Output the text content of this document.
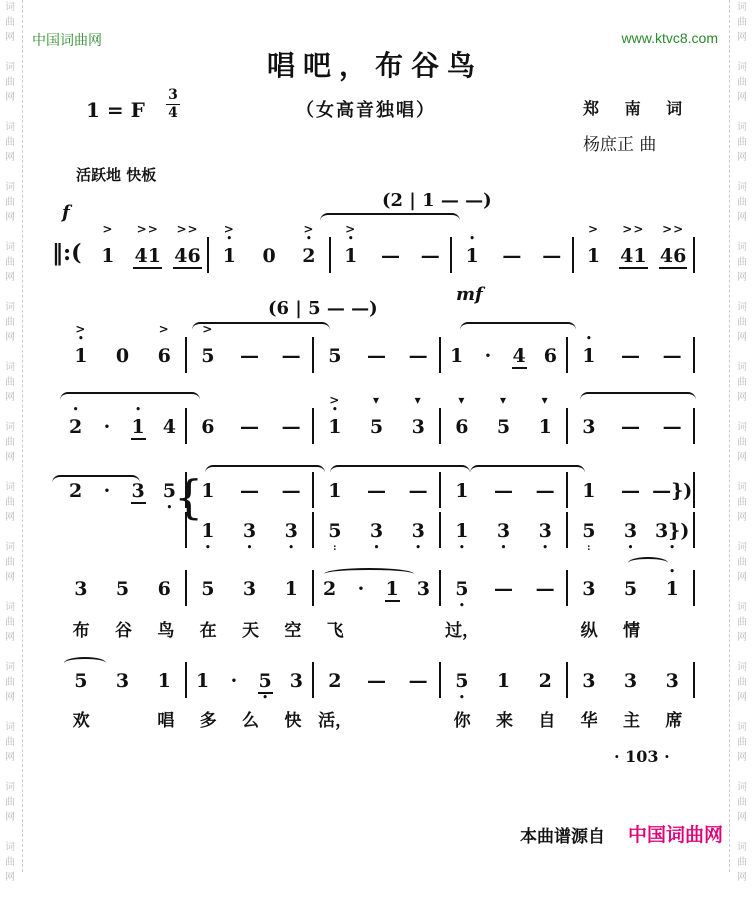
词
曲
网
词
曲
网
词
曲
网
词
曲
网
词
曲
网
词
曲
网
词
曲
网
词
曲
网
词
曲
网
词
曲
网
词
曲
网
词
曲
网
词
曲
网
词
曲
网
词
曲
网
词
曲
网
词
曲
网
词
曲
网
词
曲
网
词
曲
网
词
曲
网
词
曲
网
词
曲
网
词
曲
网
词
曲
网
词
曲
网
词
曲
网
词
曲
网
词
曲
网
词
曲
网
中国词曲网	www.ktvc8.com
唱吧，布谷鸟
1 = F
3
4	（女高音独唱）	郑 南 词
杨庶正 曲
活跃地 快板
f
mf
(2 | 1 — —)
(6 | 5 — —)
‖:(
{
>
1
>>
41
>>
46
>
•
1	0
>
•
2
>
•
1	—	—
•
1	—	—
>
1
>>
41
>>
46
>
•
1	0
>
6
>
5	—	—	5	—	—	1	·	4 6
•
1	—	—
•
2	·
•
1 4	6	—	—
>
•
1
▾
5
▾
3
▾
6
▾
5
▾
1	3	—	—
2	·	3 5
•
1	—	—	1	—	—	1	—	—	1	— —})
1
•
3
•
3
•
5
:
3
•
3
•
1
•
3
•
3
•
5
:
3
•
3})
•
3	5	6	5	3	1	2	·	1 3	5
•
—	—	3	5
•
1
5	3	1	1	·	5
•
3	2	—	—	5
•
1	2	3	3	3
布	谷	鸟	在	天	空	飞	过，	纵	情
欢	唱	多	么	快 活，	你	来	自	华	主	席
· 103 ·
本曲谱源自 中国词曲网
